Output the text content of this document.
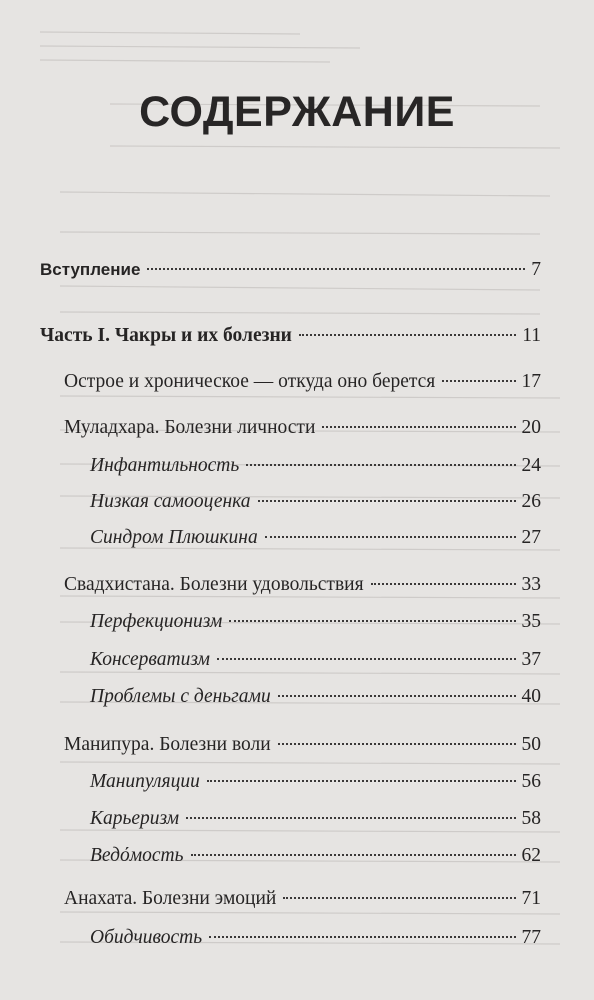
СОДЕРЖАНИЕ
Вступление	7
Часть I. Чакры и их болезни	11
Острое и хроническое — откуда оно берется	17
Муладхара. Болезни личности	20
Инфантильность	24
Низкая самооценка	26
Синдром Плюшкина	27
Свадхистана. Болезни удовольствия	33
Перфекционизм	35
Консерватизм	37
Проблемы с деньгами	40
Манипура. Болезни воли	50
Манипуляции	56
Карьеризм	58
Ведόмость	62
Анахата. Болезни эмоций	71
Обидчивость	77
